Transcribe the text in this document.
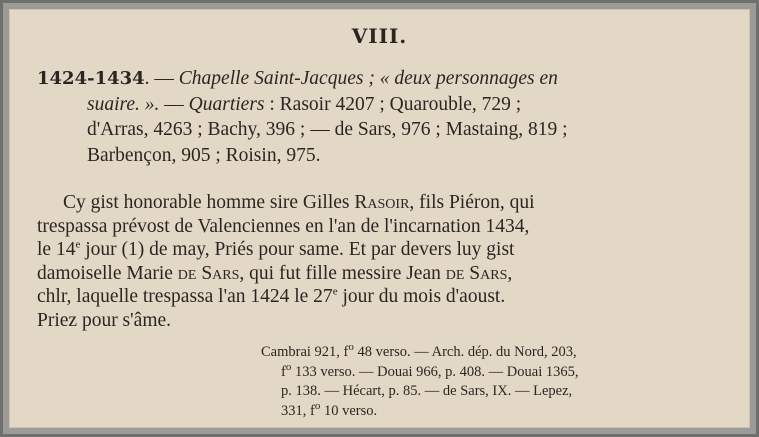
VIII.
1424-1434. — Chapelle Saint-Jacques ; « deux personnages en
suaire. ». — Quartiers : Rasoir 4207 ; Quarouble, 729 ;
d'Arras, 4263 ; Bachy, 396 ; — de Sars, 976 ; Mastaing, 819 ;
Barbençon, 905 ; Roisin, 975.
Cy gist honorable homme sire Gilles Rasoir, fils Piéron, qui
trespassa prévost de Valenciennes en l'an de l'incarnation 1434,
le 14e jour (1) de may, Priés pour same. Et par devers luy gist
damoiselle Marie de Sars, qui fut fille messire Jean de Sars,
chlr, laquelle trespassa l'an 1424 le 27e jour du mois d'aoust.
Priez pour s'âme.
Cambrai 921, $f^o$ 48 verso. — Arch. dép. du Nord, 203,
$f^o$ 133 verso. — Douai 966, p. 408. — Douai 1365,
p. 138. — Hécart, p. 85. — de Sars, IX. — Lepez,
331, $f^o$ 10 verso.
